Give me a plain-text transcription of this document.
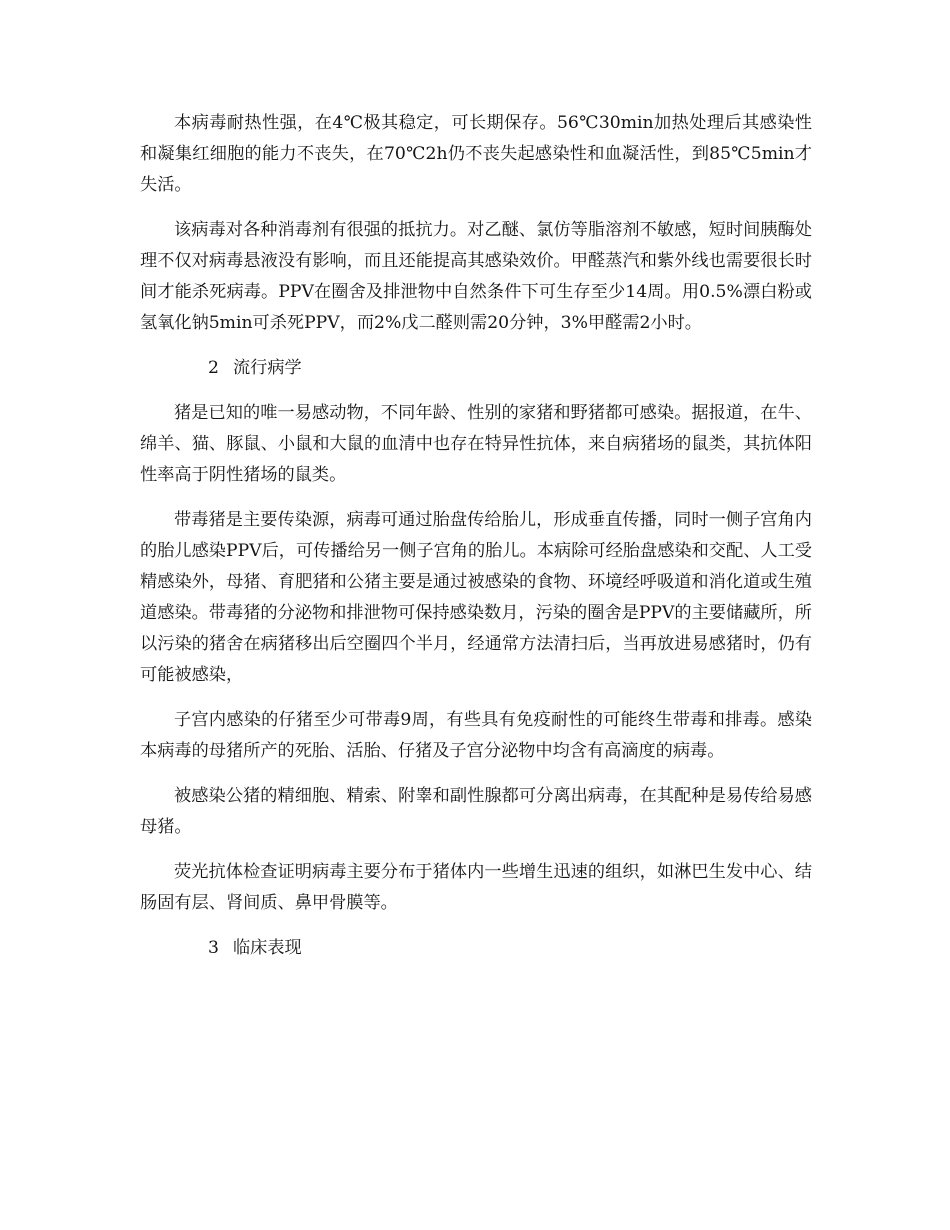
本病毒耐热性强，在4℃极其稳定，可长期保存。56℃30min加热处理后其感染性和凝集红细胞的能力不丧失，在70℃2h仍不丧失起感染性和血凝活性，到85℃5min才失活。

该病毒对各种消毒剂有很强的抵抗力。对乙醚、氯仿等脂溶剂不敏感，短时间胰酶处理不仅对病毒悬液没有影响，而且还能提高其感染效价。甲醛蒸汽和紫外线也需要很长时间才能杀死病毒。PPV在圈舍及排泄物中自然条件下可生存至少14周。用0.5%漂白粉或氢氧化钠5min可杀死PPV，而2%戊二醛则需20分钟，3%甲醛需2小时。

2 流行病学

猪是已知的唯一易感动物，不同年龄、性别的家猪和野猪都可感染。据报道，在牛、绵羊、猫、豚鼠、小鼠和大鼠的血清中也存在特异性抗体，来自病猪场的鼠类，其抗体阳性率高于阴性猪场的鼠类。

带毒猪是主要传染源，病毒可通过胎盘传给胎儿，形成垂直传播，同时一侧子宫角内的胎儿感染PPV后，可传播给另一侧子宫角的胎儿。本病除可经胎盘感染和交配、人工受精感染外，母猪、育肥猪和公猪主要是通过被感染的食物、环境经呼吸道和消化道或生殖道感染。带毒猪的分泌物和排泄物可保持感染数月，污染的圈舍是PPV的主要储藏所，所以污染的猪舍在病猪移出后空圈四个半月，经通常方法清扫后，当再放进易感猪时，仍有可能被感染，

子宫内感染的仔猪至少可带毒9周，有些具有免疫耐性的可能终生带毒和排毒。感染本病毒的母猪所产的死胎、活胎、仔猪及子宫分泌物中均含有高滴度的病毒。

被感染公猪的精细胞、精索、附睾和副性腺都可分离出病毒，在其配种是易传给易感母猪。

荧光抗体检查证明病毒主要分布于猪体内一些增生迅速的组织，如淋巴生发中心、结肠固有层、肾间质、鼻甲骨膜等。

3 临床表现
